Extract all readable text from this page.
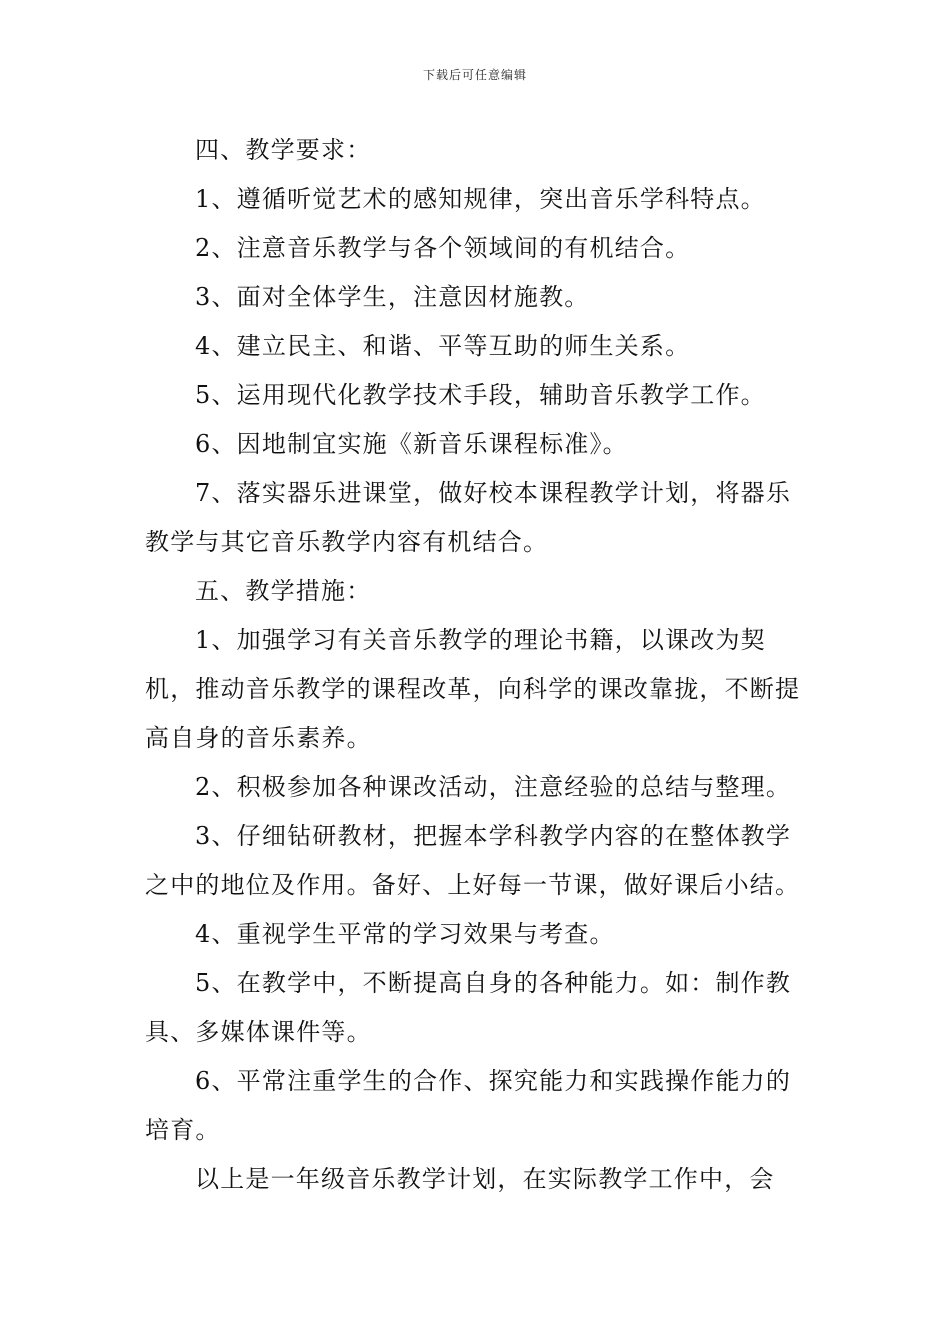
下载后可任意编辑

四、教学要求：

1、遵循听觉艺术的感知规律，突出音乐学科特点。

2、注意音乐教学与各个领域间的有机结合。

3、面对全体学生，注意因材施教。

4、建立民主、和谐、平等互助的师生关系。

5、运用现代化教学技术手段，辅助音乐教学工作。

6、因地制宜实施《新音乐课程标准》。

7、落实器乐进课堂，做好校本课程教学计划，将器乐教学与其它音乐教学内容有机结合。

五、教学措施：

1、加强学习有关音乐教学的理论书籍，以课改为契机，推动音乐教学的课程改革，向科学的课改靠拢，不断提高自身的音乐素养。

2、积极参加各种课改活动，注意经验的总结与整理。

3、仔细钻研教材，把握本学科教学内容的在整体教学之中的地位及作用。备好、上好每一节课，做好课后小结。

4、重视学生平常的学习效果与考查。

5、在教学中，不断提高自身的各种能力。如：制作教具、多媒体课件等。

6、平常注重学生的合作、探究能力和实践操作能力的培育。

以上是一年级音乐教学计划，在实际教学工作中，会
